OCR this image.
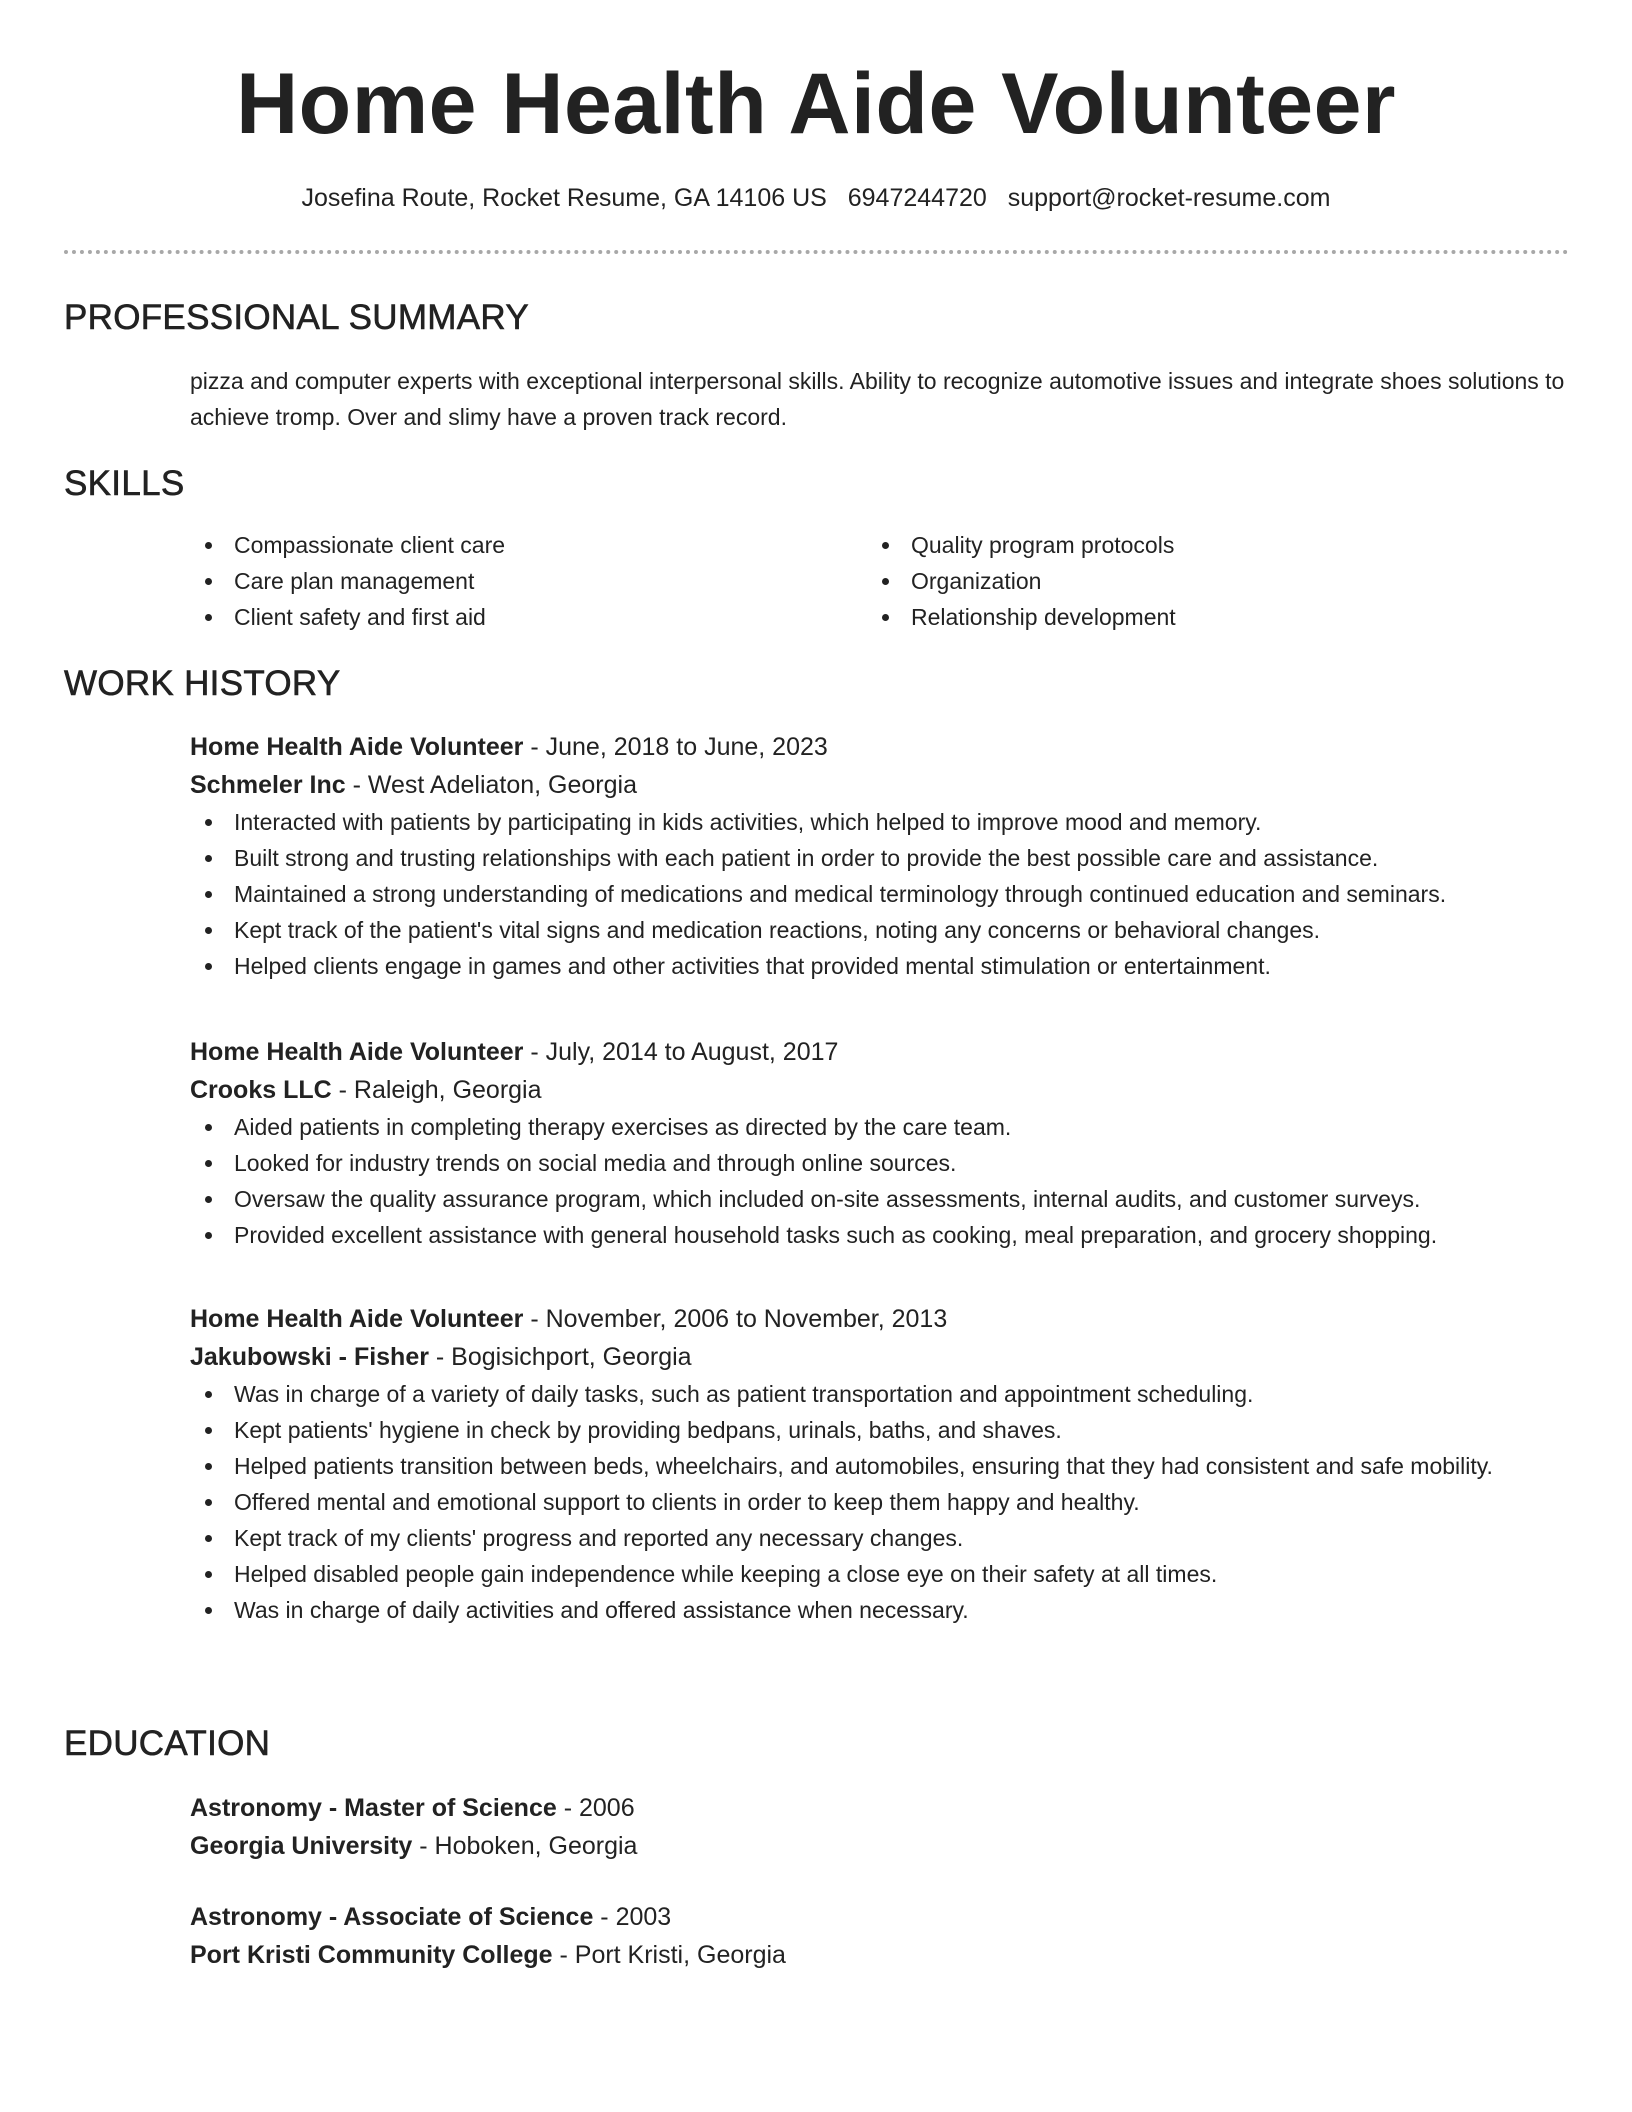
Home Health Aide Volunteer
Josefina Route, Rocket Resume, GA 14106 US 6947244720 support@rocket-resume.com
PROFESSIONAL SUMMARY
pizza and computer experts with exceptional interpersonal skills. Ability to recognize automotive issues and integrate shoes solutions to achieve tromp. Over and slimy have a proven track record.
SKILLS
Compassionate client care
Care plan management
Client safety and first aid
Quality program protocols
Organization
Relationship development
WORK HISTORY
Home Health Aide Volunteer - June, 2018 to June, 2023
Schmeler Inc - West Adeliaton, Georgia
Interacted with patients by participating in kids activities, which helped to improve mood and memory.
Built strong and trusting relationships with each patient in order to provide the best possible care and assistance.
Maintained a strong understanding of medications and medical terminology through continued education and seminars.
Kept track of the patient's vital signs and medication reactions, noting any concerns or behavioral changes.
Helped clients engage in games and other activities that provided mental stimulation or entertainment.
Home Health Aide Volunteer - July, 2014 to August, 2017
Crooks LLC - Raleigh, Georgia
Aided patients in completing therapy exercises as directed by the care team.
Looked for industry trends on social media and through online sources.
Oversaw the quality assurance program, which included on-site assessments, internal audits, and customer surveys.
Provided excellent assistance with general household tasks such as cooking, meal preparation, and grocery shopping.
Home Health Aide Volunteer - November, 2006 to November, 2013
Jakubowski - Fisher - Bogisichport, Georgia
Was in charge of a variety of daily tasks, such as patient transportation and appointment scheduling.
Kept patients' hygiene in check by providing bedpans, urinals, baths, and shaves.
Helped patients transition between beds, wheelchairs, and automobiles, ensuring that they had consistent and safe mobility.
Offered mental and emotional support to clients in order to keep them happy and healthy.
Kept track of my clients' progress and reported any necessary changes.
Helped disabled people gain independence while keeping a close eye on their safety at all times.
Was in charge of daily activities and offered assistance when necessary.
EDUCATION
Astronomy - Master of Science - 2006
Georgia University - Hoboken, Georgia
Astronomy - Associate of Science - 2003
Port Kristi Community College - Port Kristi, Georgia
